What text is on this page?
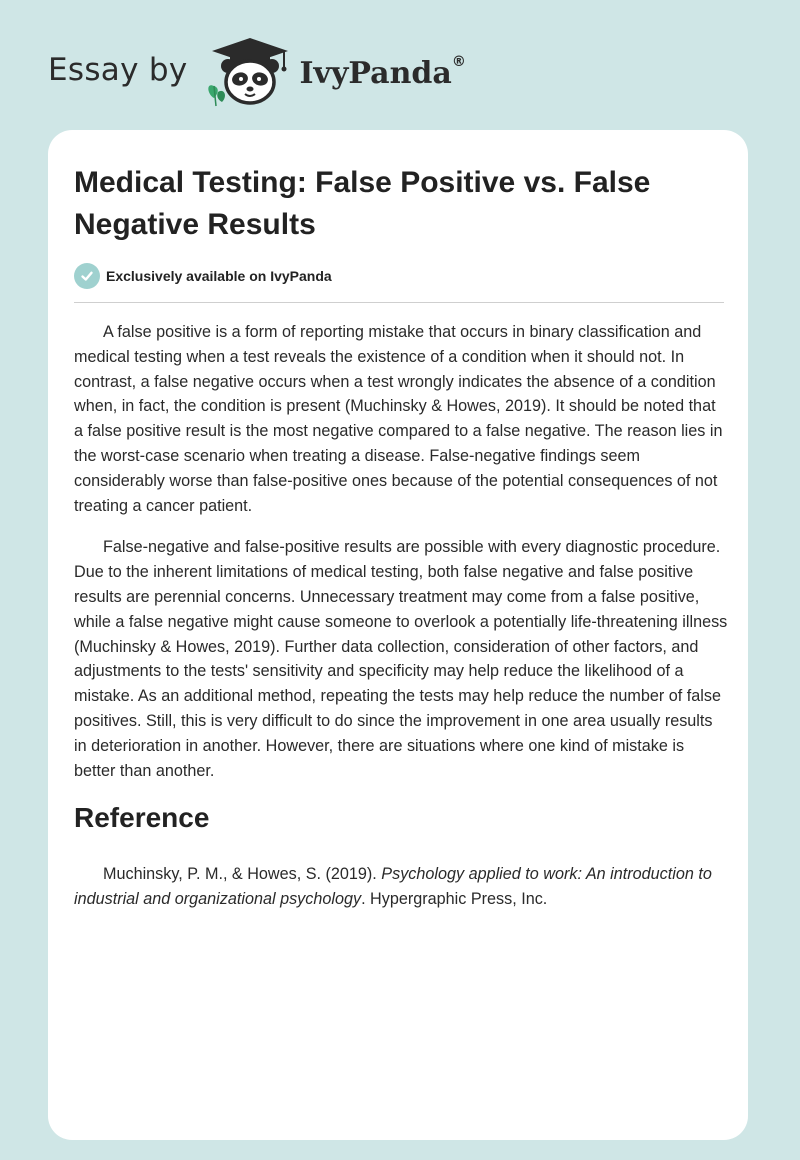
Essay by	IvyPanda®
Medical Testing: False Positive vs. False Negative Results
Exclusively available on IvyPanda

A false positive is a form of reporting mistake that occurs in binary classification and medical testing when a test reveals the existence of a condition when it should not. In contrast, a false negative occurs when a test wrongly indicates the absence of a condition when, in fact, the condition is present (Muchinsky & Howes, 2019). It should be noted that a false positive result is the most negative compared to a false negative. The reason lies in the worst-case scenario when treating a disease. False-negative findings seem considerably worse than false-positive ones because of the potential consequences of not treating a cancer patient.

False-negative and false-positive results are possible with every diagnostic procedure. Due to the inherent limitations of medical testing, both false negative and false positive results are perennial concerns. Unnecessary treatment may come from a false positive, while a false negative might cause someone to overlook a potentially life-threatening illness (Muchinsky & Howes, 2019). Further data collection, consideration of other factors, and adjustments to the tests' sensitivity and specificity may help reduce the likelihood of a mistake. As an additional method, repeating the tests may help reduce the number of false positives. Still, this is very difficult to do since the improvement in one area usually results in deterioration in another. However, there are situations where one kind of mistake is better than another.

Reference

Muchinsky, P. M., & Howes, S. (2019). Psychology applied to work: An introduction to industrial and organizational psychology. Hypergraphic Press, Inc.
